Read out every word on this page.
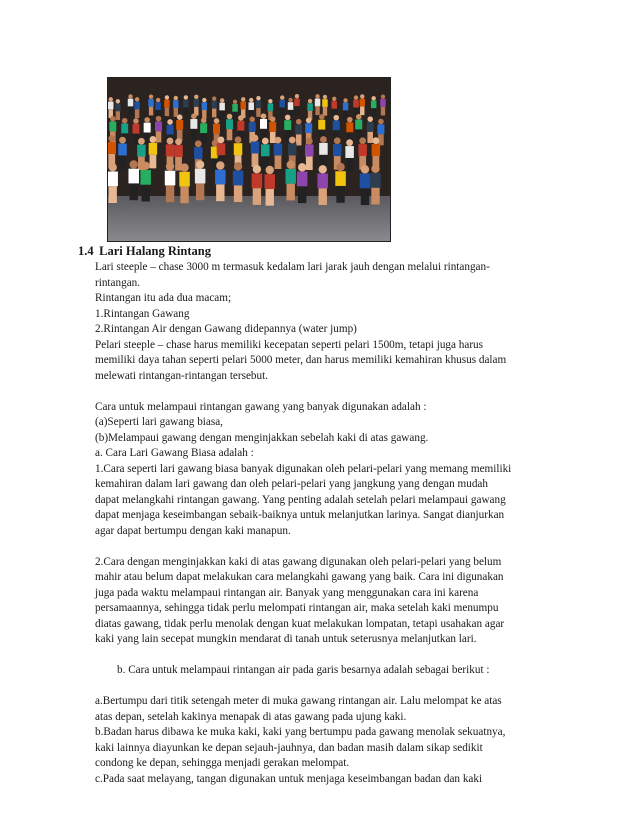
1.4 Lari Halang Rintang
Lari steeple – chase 3000 m termasuk kedalam lari jarak jauh dengan melalui rintangan-
rintangan.
Rintangan itu ada dua macam;
1.Rintangan Gawang
2.Rintangan Air dengan Gawang didepannya (water jump)
Pelari steeple – chase harus memiliki kecepatan seperti pelari 1500m, tetapi juga harus
memiliki daya tahan seperti pelari 5000 meter, dan harus memiliki kemahiran khusus dalam
melewati rintangan-rintangan tersebut.
Cara untuk melampaui rintangan gawang yang banyak digunakan adalah :
(a)Seperti lari gawang biasa,
(b)Melampaui gawang dengan menginjakkan sebelah kaki di atas gawang.
a. Cara Lari Gawang Biasa adalah :
1.Cara seperti lari gawang biasa banyak digunakan oleh pelari-pelari yang memang memiliki
kemahiran dalam lari gawang dan oleh pelari-pelari yang jangkung yang dengan mudah
dapat melangkahi rintangan gawang. Yang penting adalah setelah pelari melampaui gawang
dapat menjaga keseimbangan sebaik-baiknya untuk melanjutkan larinya. Sangat dianjurkan
agar dapat bertumpu dengan kaki manapun.
2.Cara dengan menginjakkan kaki di atas gawang digunakan oleh pelari-pelari yang belum
mahir atau belum dapat melakukan cara melangkahi gawang yang baik. Cara ini digunakan
juga pada waktu melampaui rintangan air. Banyak yang menggunakan cara ini karena
persamaannya, sehingga tidak perlu melompati rintangan air, maka setelah kaki menumpu
diatas gawang, tidak perlu menolak dengan kuat melakukan lompatan, tetapi usahakan agar
kaki yang lain secepat mungkin mendarat di tanah untuk seterusnya melanjutkan lari.
b. Cara untuk melampaui rintangan air pada garis besarnya adalah sebagai berikut :
a.Bertumpu dari titik setengah meter di muka gawang rintangan air. Lalu melompat ke atas
atas depan, setelah kakinya menapak di atas gawang pada ujung kaki.
b.Badan harus dibawa ke muka kaki, kaki yang bertumpu pada gawang menolak sekuatnya,
kaki lainnya diayunkan ke depan sejauh-jauhnya, dan badan masih dalam sikap sedikit
condong ke depan, sehingga menjadi gerakan melompat.
c.Pada saat melayang, tangan digunakan untuk menjaga keseimbangan badan dan kaki
